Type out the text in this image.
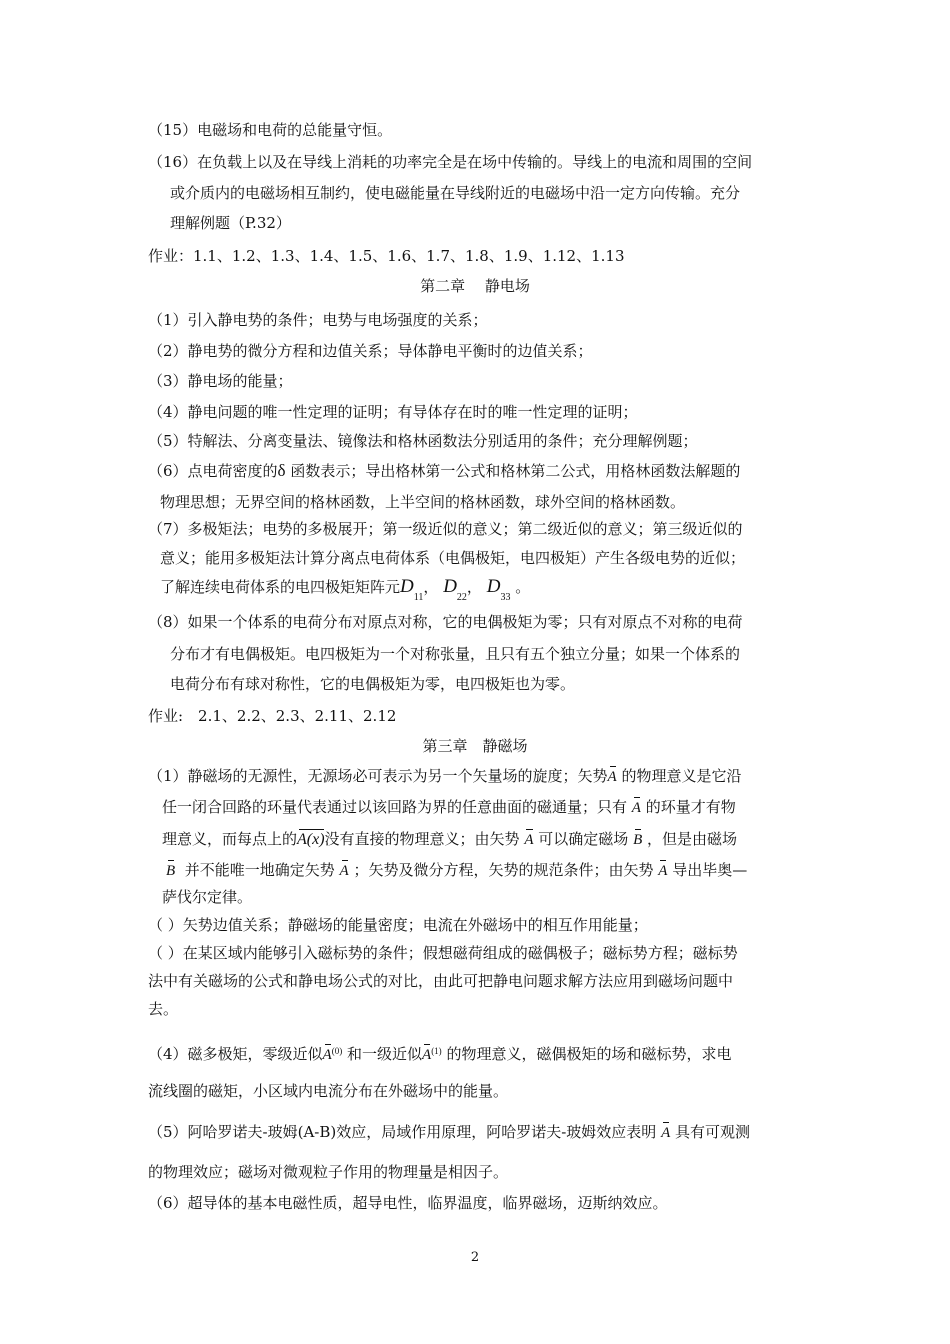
（15）电磁场和电荷的总能量守恒。
（16）在负载上以及在导线上消耗的功率完全是在场中传输的。导线上的电流和周围的空间
或介质内的电磁场相互制约，使电磁能量在导线附近的电磁场中沿一定方向传输。充分
理解例题（P.32）
作业：1.1、1.2、1.3、1.4、1.5、1.6、1.7、1.8、1.9、1.12、1.13
第二章　 静电场
（1）引入静电势的条件；电势与电场强度的关系；
（2）静电势的微分方程和边值关系；导体静电平衡时的边值关系；
（3）静电场的能量；
（4）静电问题的唯一性定理的证明；有导体存在时的唯一性定理的证明；
（5）特解法、分离变量法、镜像法和格林函数法分别适用的条件；充分理解例题；
（6）点电荷密度的δ 函数表示；导出格林第一公式和格林第二公式，用格林函数法解题的
物理思想；无界空间的格林函数，上半空间的格林函数，球外空间的格林函数。
（7）多极矩法；电势的多极展开；第一级近似的意义；第二级近似的意义；第三级近似的
意义；能用多极矩法计算分离点电荷体系（电偶极矩，电四极矩）产生各级电势的近似；
了解连续电荷体系的电四极矩矩阵元$D_{11}$， $D_{22}$， $D_{33}$ 。
（8）如果一个体系的电荷分布对原点对称，它的电偶极矩为零；只有对原点不对称的电荷
分布才有电偶极矩。电四极矩为一个对称张量，且只有五个独立分量；如果一个体系的
电荷分布有球对称性，它的电偶极矩为零，电四极矩也为零。
作业:　2.1、2.2、2.3、2.11、2.12
第三章　静磁场
（1）静磁场的无源性，无源场必可表示为另一个矢量场的旋度；矢势A 的物理意义是它沿
任一闭合回路的环量代表通过以该回路为界的任意曲面的磁通量；只有 A 的环量才有物
理意义，而每点上的A(x)没有直接的物理意义；由矢势 A 可以确定磁场 B ，但是由磁场
B 并不能唯一地确定矢势 A ；矢势及微分方程，矢势的规范条件；由矢势 A 导出毕奥—
萨伐尔定律。
（ ）矢势边值关系；静磁场的能量密度；电流在外磁场中的相互作用能量；
（ ）在某区域内能够引入磁标势的条件；假想磁荷组成的磁偶极子；磁标势方程；磁标势
法中有关磁场的公式和静电场公式的对比，由此可把静电问题求解方法应用到磁场问题中
去。
（4）磁多极矩，零级近似$A^{(0)}$ 和一级近似$A^{(1)}$ 的物理意义，磁偶极矩的场和磁标势，求电
流线圈的磁矩，小区域内电流分布在外磁场中的能量。
（5）阿哈罗诺夫-玻姆(A-B)效应，局域作用原理，阿哈罗诺夫-玻姆效应表明 A 具有可观测
的物理效应；磁场对微观粒子作用的物理量是相因子。
（6）超导体的基本电磁性质，超导电性，临界温度，临界磁场，迈斯纳效应。
2
